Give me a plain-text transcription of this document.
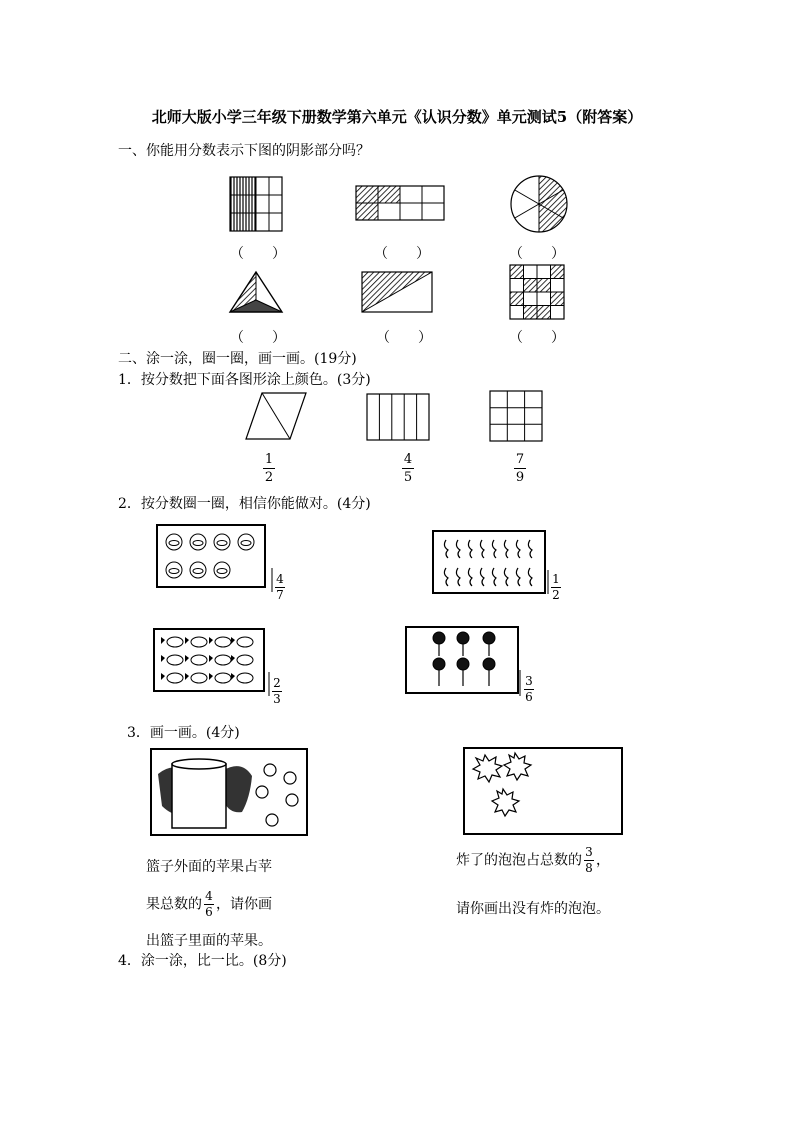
北师大版小学三年级下册数学第六单元《认识分数》单元测试5（附答案）
一、你能用分数表示下图的阴影部分吗？
（　　）	（　　）	（　　）
（　　）	（　　）	（　　）
二、涂一涂，圈一圈，画一画。(19分)
1．按分数把下面各图形涂上颜色。(3分)
1
2
4
5
7
9
2．按分数圈一圈，相信你能做对。(4分)
4
7
1
2
2
3
3
6
3．画一画。(4分)
篮子外面的苹果占苹
果总数的 $\frac{4}{6}$ ，请你画
出篮子里面的苹果。
炸了的泡泡占总数的 $\frac{3}{8}$ ，
请你画出没有炸的泡泡。
4．涂一涂，比一比。(8分)
